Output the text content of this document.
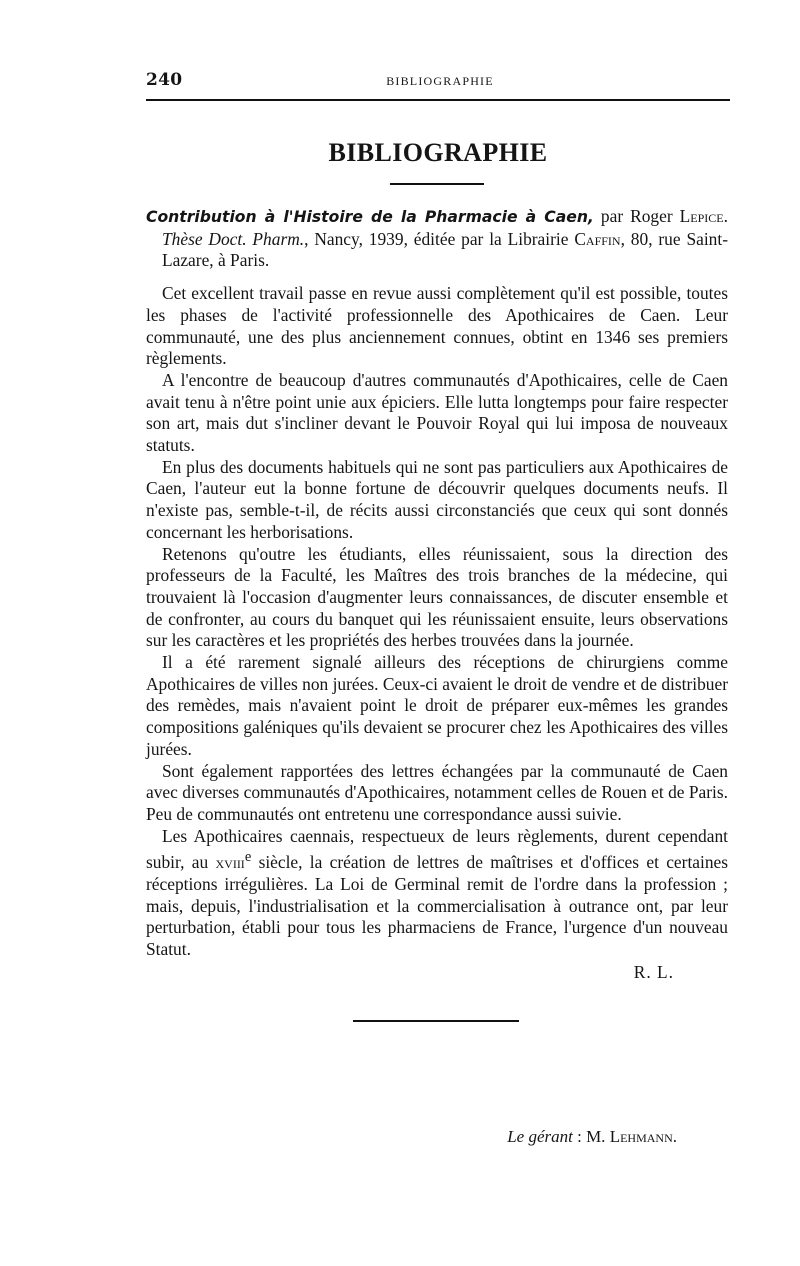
240	BIBLIOGRAPHIE
BIBLIOGRAPHIE

Contribution à l'Histoire de la Pharmacie à Caen, par Roger Lepice. Thèse Doct. Pharm., Nancy, 1939, éditée par la Librairie Caffin, 80, rue Saint-Lazare, à Paris.

Cet excellent travail passe en revue aussi complètement qu'il est possible, toutes les phases de l'activité professionnelle des Apothicaires de Caen. Leur communauté, une des plus anciennement connues, obtint en 1346 ses premiers règlements.

A l'encontre de beaucoup d'autres communautés d'Apothicaires, celle de Caen avait tenu à n'être point unie aux épiciers. Elle lutta longtemps pour faire respecter son art, mais dut s'incliner devant le Pouvoir Royal qui lui imposa de nouveaux statuts.

En plus des documents habituels qui ne sont pas particuliers aux Apothicaires de Caen, l'auteur eut la bonne fortune de découvrir quelques documents neufs. Il n'existe pas, semble-t-il, de récits aussi circonstanciés que ceux qui sont donnés concernant les herborisations.

Retenons qu'outre les étudiants, elles réunissaient, sous la direction des professeurs de la Faculté, les Maîtres des trois branches de la médecine, qui trouvaient là l'occasion d'augmenter leurs connaissances, de discuter ensemble et de confronter, au cours du banquet qui les réunissaient ensuite, leurs observations sur les caractères et les propriétés des herbes trouvées dans la journée.

Il a été rarement signalé ailleurs des réceptions de chirurgiens comme Apothicaires de villes non jurées. Ceux-ci avaient le droit de vendre et de distribuer des remèdes, mais n'avaient point le droit de préparer eux-mêmes les grandes compositions galéniques qu'ils devaient se procurer chez les Apothicaires des villes jurées.

Sont également rapportées des lettres échangées par la communauté de Caen avec diverses communautés d'Apothicaires, notamment celles de Rouen et de Paris. Peu de communautés ont entretenu une correspondance aussi suivie.

Les Apothicaires caennais, respectueux de leurs règlements, durent cependant subir, au xviii$^e$ siècle, la création de lettres de maîtrises et d'offices et certaines réceptions irrégulières. La Loi de Germinal remit de l'ordre dans la profession ; mais, depuis, l'industrialisation et la commercialisation à outrance ont, par leur perturbation, établi pour tous les pharmaciens de France, l'urgence d'un nouveau Statut.

R. L.

Le gérant : M. Lehmann.
